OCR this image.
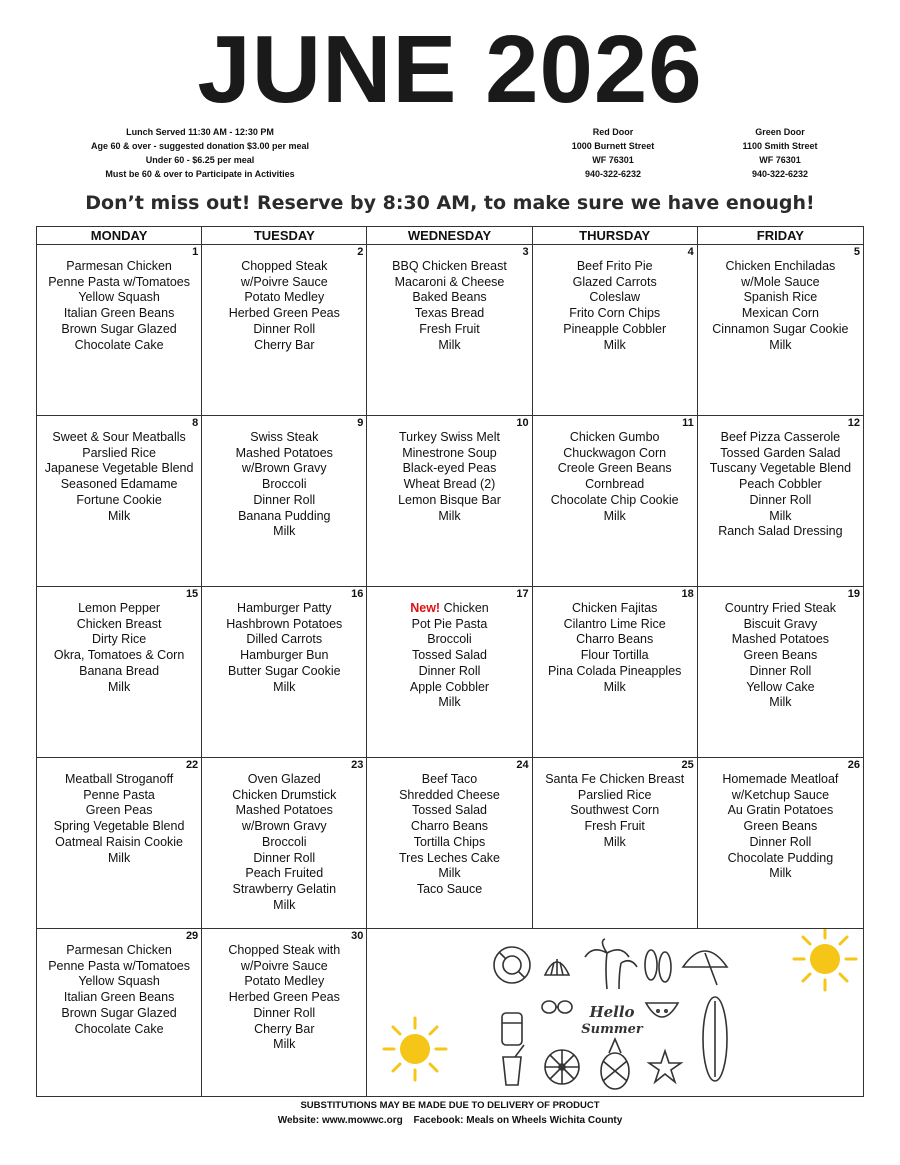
JUNE 2026
Lunch Served 11:30 AM - 12:30 PM
Age 60 & over - suggested donation $3.00 per meal
Under 60 - $6.25 per meal
Must be 60 & over to Participate in Activities
Red Door
1000 Burnett Street
WF 76301
940-322-6232
Green Door
1100 Smith Street
WF 76301
940-322-6232
Don’t miss out! Reserve by 8:30 AM, to make sure we have enough!
MONDAY	TUESDAY	WEDNESDAY	THURSDAY	FRIDAY
1
Parmesan Chicken
Penne Pasta w/Tomatoes
Yellow Squash
Italian Green Beans
Brown Sugar Glazed
Chocolate Cake
2
Chopped Steak
w/Poivre Sauce
Potato Medley
Herbed Green Peas
Dinner Roll
Cherry Bar
3
BBQ Chicken Breast
Macaroni & Cheese
Baked Beans
Texas Bread
Fresh Fruit
Milk
4
Beef Frito Pie
Glazed Carrots
Coleslaw
Frito Corn Chips
Pineapple Cobbler
Milk
5
Chicken Enchiladas
w/Mole Sauce
Spanish Rice
Mexican Corn
Cinnamon Sugar Cookie
Milk
8
Sweet & Sour Meatballs
Parslied Rice
Japanese Vegetable Blend
Seasoned Edamame
Fortune Cookie
Milk
9
Swiss Steak
Mashed Potatoes
w/Brown Gravy
Broccoli
Dinner Roll
Banana Pudding
Milk
10
Turkey Swiss Melt
Minestrone Soup
Black-eyed Peas
Wheat Bread (2)
Lemon Bisque Bar
Milk
11
Chicken Gumbo
Chuckwagon Corn
Creole Green Beans
Cornbread
Chocolate Chip Cookie
Milk
12
Beef Pizza Casserole
Tossed Garden Salad
Tuscany Vegetable Blend
Peach Cobbler
Dinner Roll
Milk
Ranch Salad Dressing
15
Lemon Pepper
Chicken Breast
Dirty Rice
Okra, Tomatoes & Corn
Banana Bread
Milk
16
Hamburger Patty
Hashbrown Potatoes
Dilled Carrots
Hamburger Bun
Butter Sugar Cookie
Milk
17
New! Chicken
Pot Pie Pasta
Broccoli
Tossed Salad
Dinner Roll
Apple Cobbler
Milk
18
Chicken Fajitas
Cilantro Lime Rice
Charro Beans
Flour Tortilla
Pina Colada Pineapples
Milk
19
Country Fried Steak
Biscuit Gravy
Mashed Potatoes
Green Beans
Dinner Roll
Yellow Cake
Milk
22
Meatball Stroganoff
Penne Pasta
Green Peas
Spring Vegetable Blend
Oatmeal Raisin Cookie
Milk
23
Oven Glazed
Chicken Drumstick
Mashed Potatoes
w/Brown Gravy
Broccoli
Dinner Roll
Peach Fruited
Strawberry Gelatin
Milk
24
Beef Taco
Shredded Cheese
Tossed Salad
Charro Beans
Tortilla Chips
Tres Leches Cake
Milk
Taco Sauce
25
Santa Fe Chicken Breast
Parslied Rice
Southwest Corn
Fresh Fruit
Milk
26
Homemade Meatloaf
w/Ketchup Sauce
Au Gratin Potatoes
Green Beans
Dinner Roll
Chocolate Pudding
Milk
29
Parmesan Chicken
Penne Pasta w/Tomatoes
Yellow Squash
Italian Green Beans
Brown Sugar Glazed
Chocolate Cake
30
Chopped Steak with
w/Poivre Sauce
Potato Medley
Herbed Green Peas
Dinner Roll
Cherry Bar
Milk
Hello
Summer
SUBSTITUTIONS MAY BE MADE DUE TO DELIVERY OF PRODUCT
Website: www.mowwc.org Facebook: Meals on Wheels Wichita County
